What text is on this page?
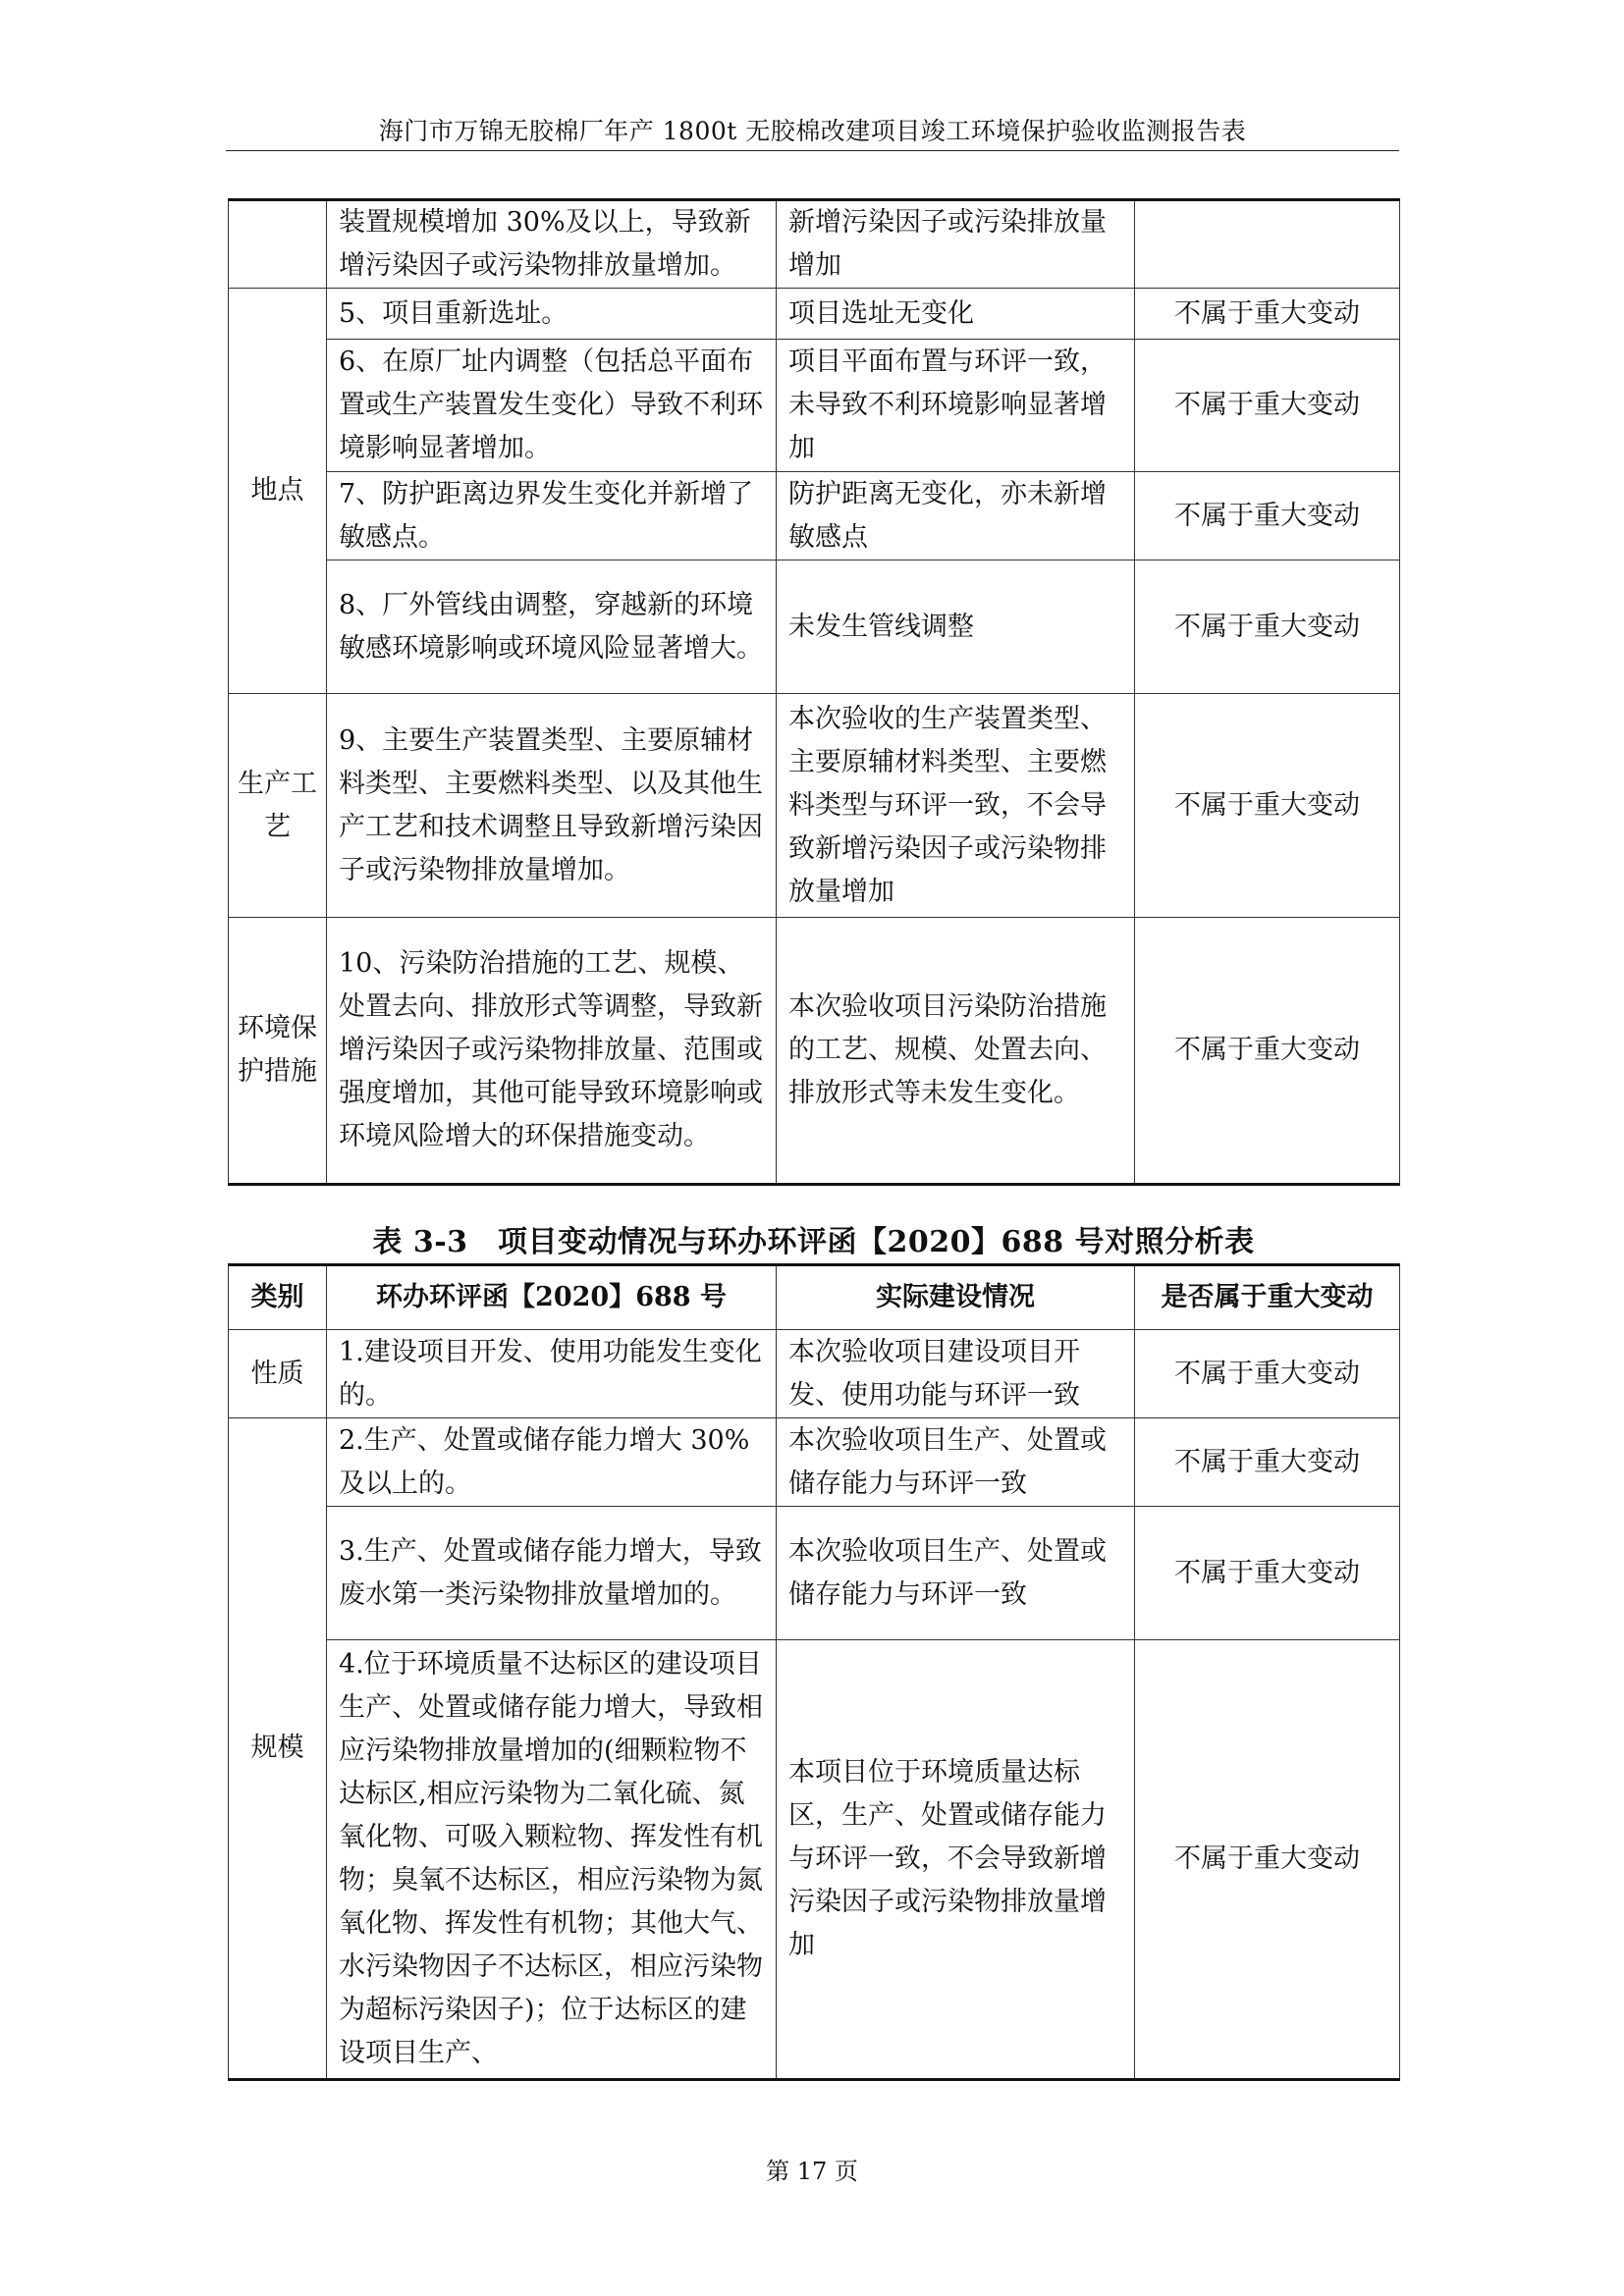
海门市万锦无胶棉厂年产 1800t 无胶棉改建项目竣工环境保护验收监测报告表
	装置规模增加 30%及以上，导致新增污染因子或污染物排放量增加。	新增污染因子或污染排放量增加	
地点	5、项目重新选址。	项目选址无变化	不属于重大变动
	6、在原厂址内调整（包括总平面布置或生产装置发生变化）导致不利环境影响显著增加。	项目平面布置与环评一致，未导致不利环境影响显著增加	不属于重大变动
	7、防护距离边界发生变化并新增了敏感点。	防护距离无变化，亦未新增敏感点	不属于重大变动
	8、厂外管线由调整，穿越新的环境敏感环境影响或环境风险显著增大。	未发生管线调整	不属于重大变动
生产工艺	9、主要生产装置类型、主要原辅材料类型、主要燃料类型、以及其他生产工艺和技术调整且导致新增污染因子或污染物排放量增加。	本次验收的生产装置类型、主要原辅材料类型、主要燃料类型与环评一致，不会导致新增污染因子或污染物排放量增加	不属于重大变动
环境保护措施	10、污染防治措施的工艺、规模、处置去向、排放形式等调整，导致新增污染因子或污染物排放量、范围或强度增加，其他可能导致环境影响或环境风险增大的环保措施变动。	本次验收项目污染防治措施的工艺、规模、处置去向、排放形式等未发生变化。	不属于重大变动
表 3-3　项目变动情况与环办环评函【2020】688 号对照分析表
类别	环办环评函【2020】688 号	实际建设情况	是否属于重大变动
性质	1.建设项目开发、使用功能发生变化的。	本次验收项目建设项目开发、使用功能与环评一致	不属于重大变动
规模	2.生产、处置或储存能力增大 30%及以上的。	本次验收项目生产、处置或储存能力与环评一致	不属于重大变动
	3.生产、处置或储存能力增大，导致废水第一类污染物排放量增加的。	本次验收项目生产、处置或储存能力与环评一致	不属于重大变动
	4.位于环境质量不达标区的建设项目生产、处置或储存能力增大，导致相应污染物排放量增加的(细颗粒物不达标区,相应污染物为二氧化硫、氮氧化物、可吸入颗粒物、挥发性有机物；臭氧不达标区，相应污染物为氮氧化物、挥发性有机物；其他大气、水污染物因子不达标区，相应污染物为超标污染因子)；位于达标区的建设项目生产、	本项目位于环境质量达标区，生产、处置或储存能力与环评一致，不会导致新增污染因子或污染物排放量增加	不属于重大变动
第 17 页
